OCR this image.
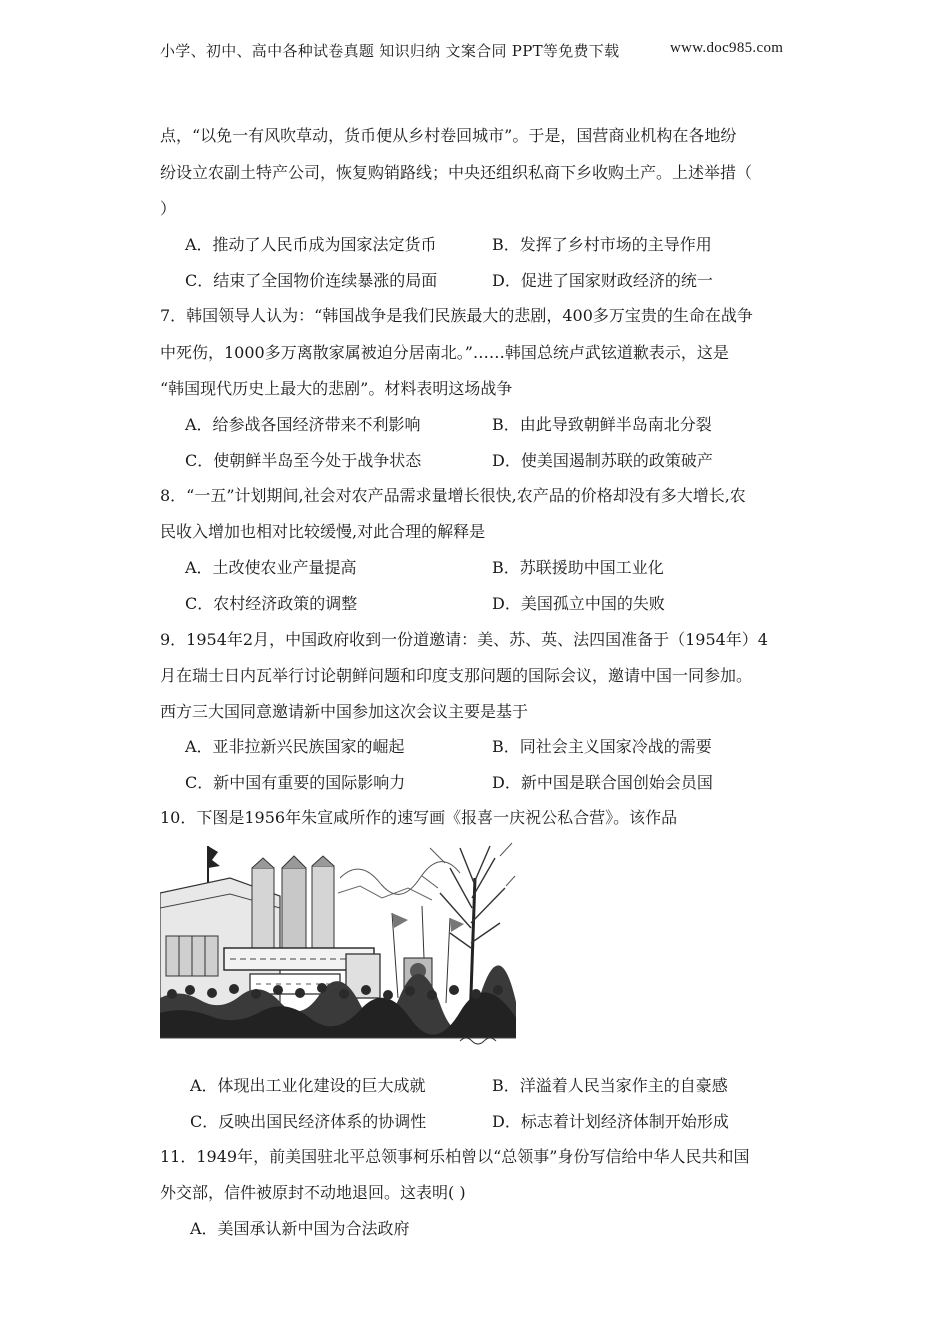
小学、初中、高中各种试卷真题 知识归纳 文案合同 PPT等免费下载	www.doc985.com
点，“以免一有风吹草动，货币便从乡村卷回城市”。于是，国营商业机构在各地纷
纷设立农副土特产公司，恢复购销路线；中央还组织私商下乡收购土产。上述举措（
）
A．推动了人民币成为国家法定货币	B．发挥了乡村市场的主导作用
C．结束了全国物价连续暴涨的局面	D．促进了国家财政经济的统一
7．韩国领导人认为：“韩国战争是我们民族最大的悲剧，400多万宝贵的生命在战争
中死伤，1000多万离散家属被迫分居南北。”……韩国总统卢武铉道歉表示，这是
“韩国现代历史上最大的悲剧”。材料表明这场战争
A．给参战各国经济带来不利影响	B．由此导致朝鲜半岛南北分裂
C．使朝鲜半岛至今处于战争状态	D．使美国遏制苏联的政策破产
8．“一五”计划期间,社会对农产品需求量增长很快,农产品的价格却没有多大增长,农
民收入增加也相对比较缓慢,对此合理的解释是
A．土改使农业产量提高	B．苏联援助中国工业化
C．农村经济政策的调整	D．美国孤立中国的失败
9．1954年2月，中国政府收到一份道邀请：美、苏、英、法四国准备于（1954年）4
月在瑞士日内瓦举行讨论朝鲜问题和印度支那问题的国际会议，邀请中国一同参加。
西方三大国同意邀请新中国参加这次会议主要是基于
A．亚非拉新兴民族国家的崛起	B．同社会主义国家冷战的需要
C．新中国有重要的国际影响力	D．新中国是联合国创始会员国
10．下图是1956年朱宣咸所作的速写画《报喜一庆祝公私合营》。该作品
A．体现出工业化建设的巨大成就	B．洋溢着人民当家作主的自豪感
C．反映出国民经济体系的协调性	D．标志着计划经济体制开始形成
11．1949年，前美国驻北平总领事柯乐柏曾以“总领事”身份写信给中华人民共和国
外交部，信件被原封不动地退回。这表明( )
A．美国承认新中国为合法政府
